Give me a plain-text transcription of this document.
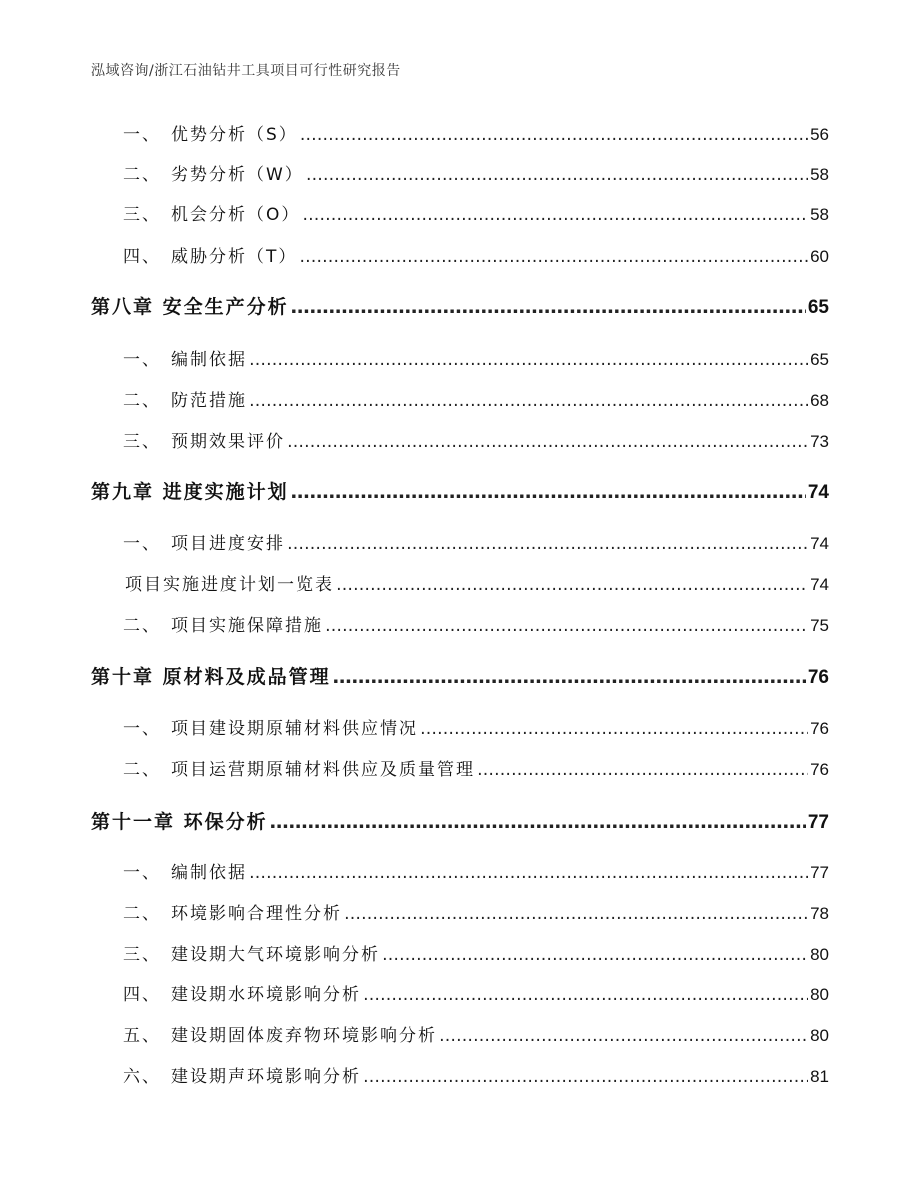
泓域咨询/浙江石油钻井工具项目可行性研究报告
一、 优势分析（S） ……………………………………………………………………………………………………………………………………………………………………………………………………………………………………………………	56
二、 劣势分析（W） ……………………………………………………………………………………………………………………………………………………………………………………………………………………………………………………	58
三、 机会分析（O） ……………………………………………………………………………………………………………………………………………………………………………………………………………………………………………………	58
四、 威胁分析（T） ……………………………………………………………………………………………………………………………………………………………………………………………………………………………………………………	60
第八章 安全生产分析 ……………………………………………………………………………………………………………………………………………………………………………………………………………………………………………………	65
一、 编制依据 ……………………………………………………………………………………………………………………………………………………………………………………………………………………………………………………	65
二、 防范措施 ……………………………………………………………………………………………………………………………………………………………………………………………………………………………………………………	68
三、 预期效果评价 ……………………………………………………………………………………………………………………………………………………………………………………………………………………………………………………	73
第九章 进度实施计划 ……………………………………………………………………………………………………………………………………………………………………………………………………………………………………………………	74
一、 项目进度安排 ……………………………………………………………………………………………………………………………………………………………………………………………………………………………………………………	74
项目实施进度计划一览表 ……………………………………………………………………………………………………………………………………………………………………………………………………………………………………………………	74
二、 项目实施保障措施 ……………………………………………………………………………………………………………………………………………………………………………………………………………………………………………………	75
第十章 原材料及成品管理 ……………………………………………………………………………………………………………………………………………………………………………………………………………………………………………………	76
一、 项目建设期原辅材料供应情况 ……………………………………………………………………………………………………………………………………………………………………………………………………………………………………………………	76
二、 项目运营期原辅材料供应及质量管理 ……………………………………………………………………………………………………………………………………………………………………………………………………………………………………………………	76
第十一章 环保分析 ……………………………………………………………………………………………………………………………………………………………………………………………………………………………………………………	77
一、 编制依据 ……………………………………………………………………………………………………………………………………………………………………………………………………………………………………………………	77
二、 环境影响合理性分析 ……………………………………………………………………………………………………………………………………………………………………………………………………………………………………………………	78
三、 建设期大气环境影响分析 ……………………………………………………………………………………………………………………………………………………………………………………………………………………………………………………	80
四、 建设期水环境影响分析 ……………………………………………………………………………………………………………………………………………………………………………………………………………………………………………………	80
五、 建设期固体废弃物环境影响分析 ……………………………………………………………………………………………………………………………………………………………………………………………………………………………………………………	80
六、 建设期声环境影响分析 ……………………………………………………………………………………………………………………………………………………………………………………………………………………………………………………	81
